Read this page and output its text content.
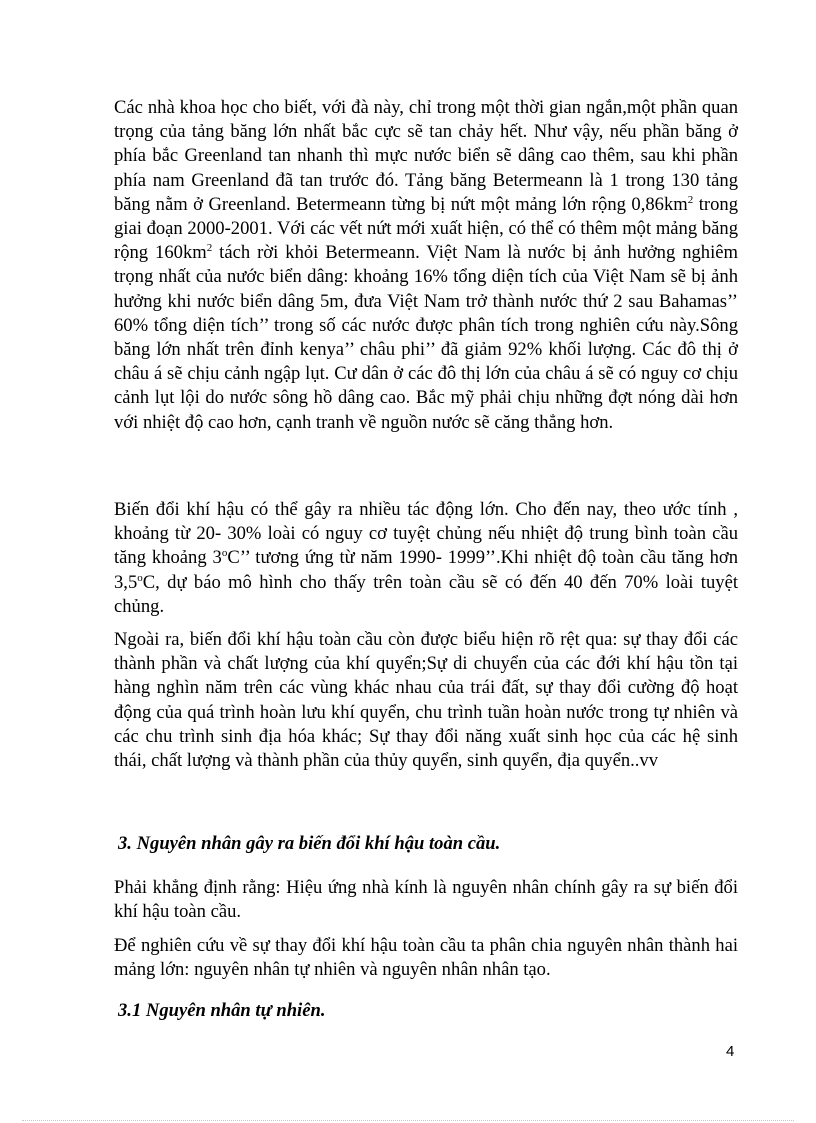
Các nhà khoa học cho biết, với đà này, chỉ trong một thời gian ngắn,một phần quan trọng của tảng băng lớn nhất bắc cực sẽ tan chảy hết. Như vậy, nếu phần băng ở phía bắc Greenland tan nhanh thì mực nước biển sẽ dâng cao thêm, sau khi phần phía nam Greenland đã tan trước đó. Tảng băng Betermeann là 1 trong 130 tảng băng nằm ở Greenland. Betermeann từng bị nứt một mảng lớn rộng $0,86km^2$ trong giai đoạn 2000-2001. Với các vết nứt mới xuất hiện, có thể có thêm một mảng băng rộng $160km^2$ tách rời khỏi Betermeann. Việt Nam là nước bị ảnh hưởng nghiêm trọng nhất của nước biển dâng: khoảng 16% tổng diện tích của Việt Nam sẽ bị ảnh hưởng khi nước biển dâng 5m, đưa Việt Nam trở thành nước thứ 2 sau Bahamas’’ 60% tổng diện tích’’ trong số các nước được phân tích trong nghiên cứu này.Sông băng lớn nhất trên đỉnh kenya’’ châu phi’’ đã giảm 92% khối lượng. Các đô thị ở châu á sẽ chịu cảnh ngập lụt. Cư dân ở các đô thị lớn của châu á sẽ có nguy cơ chịu cảnh lụt lội do nước sông hồ dâng cao. Bắc mỹ phải chịu những đợt nóng dài hơn với nhiệt độ cao hơn, cạnh tranh về nguồn nước sẽ căng thẳng hơn.

Biến đổi khí hậu có thể gây ra nhiều tác động lớn. Cho đến nay, theo ước tính , khoảng từ 20- 30% loài có nguy cơ tuyệt chủng nếu nhiệt độ trung bình toàn cầu tăng khoảng 3$^o$C’’ tương ứng từ năm 1990- 1999’’.Khi nhiệt độ toàn cầu tăng hơn 3,5$^o$C, dự báo mô hình cho thấy trên toàn cầu sẽ có đến 40 đến 70% loài tuyệt chủng.

Ngoài ra, biến đổi khí hậu toàn cầu còn được biểu hiện rõ rệt qua: sự thay đổi các thành phần và chất lượng của khí quyển;Sự di chuyển của các đới khí hậu tồn tại hàng nghìn năm trên các vùng khác nhau của trái đất, sự thay đổi cường độ hoạt động của quá trình hoàn lưu khí quyển, chu trình tuần hoàn nước trong tự nhiên và các chu trình sinh địa hóa khác; Sự thay đổi năng xuất sinh học của các hệ sinh thái, chất lượng và thành phần của thủy quyển, sinh quyển, địa quyển..vv

3. Nguyên nhân gây ra biến đổi khí hậu toàn cầu.

Phải khẳng định rằng: Hiệu ứng nhà kính là nguyên nhân chính gây ra sự biến đổi khí hậu toàn cầu.

Để nghiên cứu về sự thay đổi khí hậu toàn cầu ta phân chia nguyên nhân thành hai mảng lớn: nguyên nhân tự nhiên và nguyên nhân nhân tạo.

3.1 Nguyên nhân tự nhiên.

4
